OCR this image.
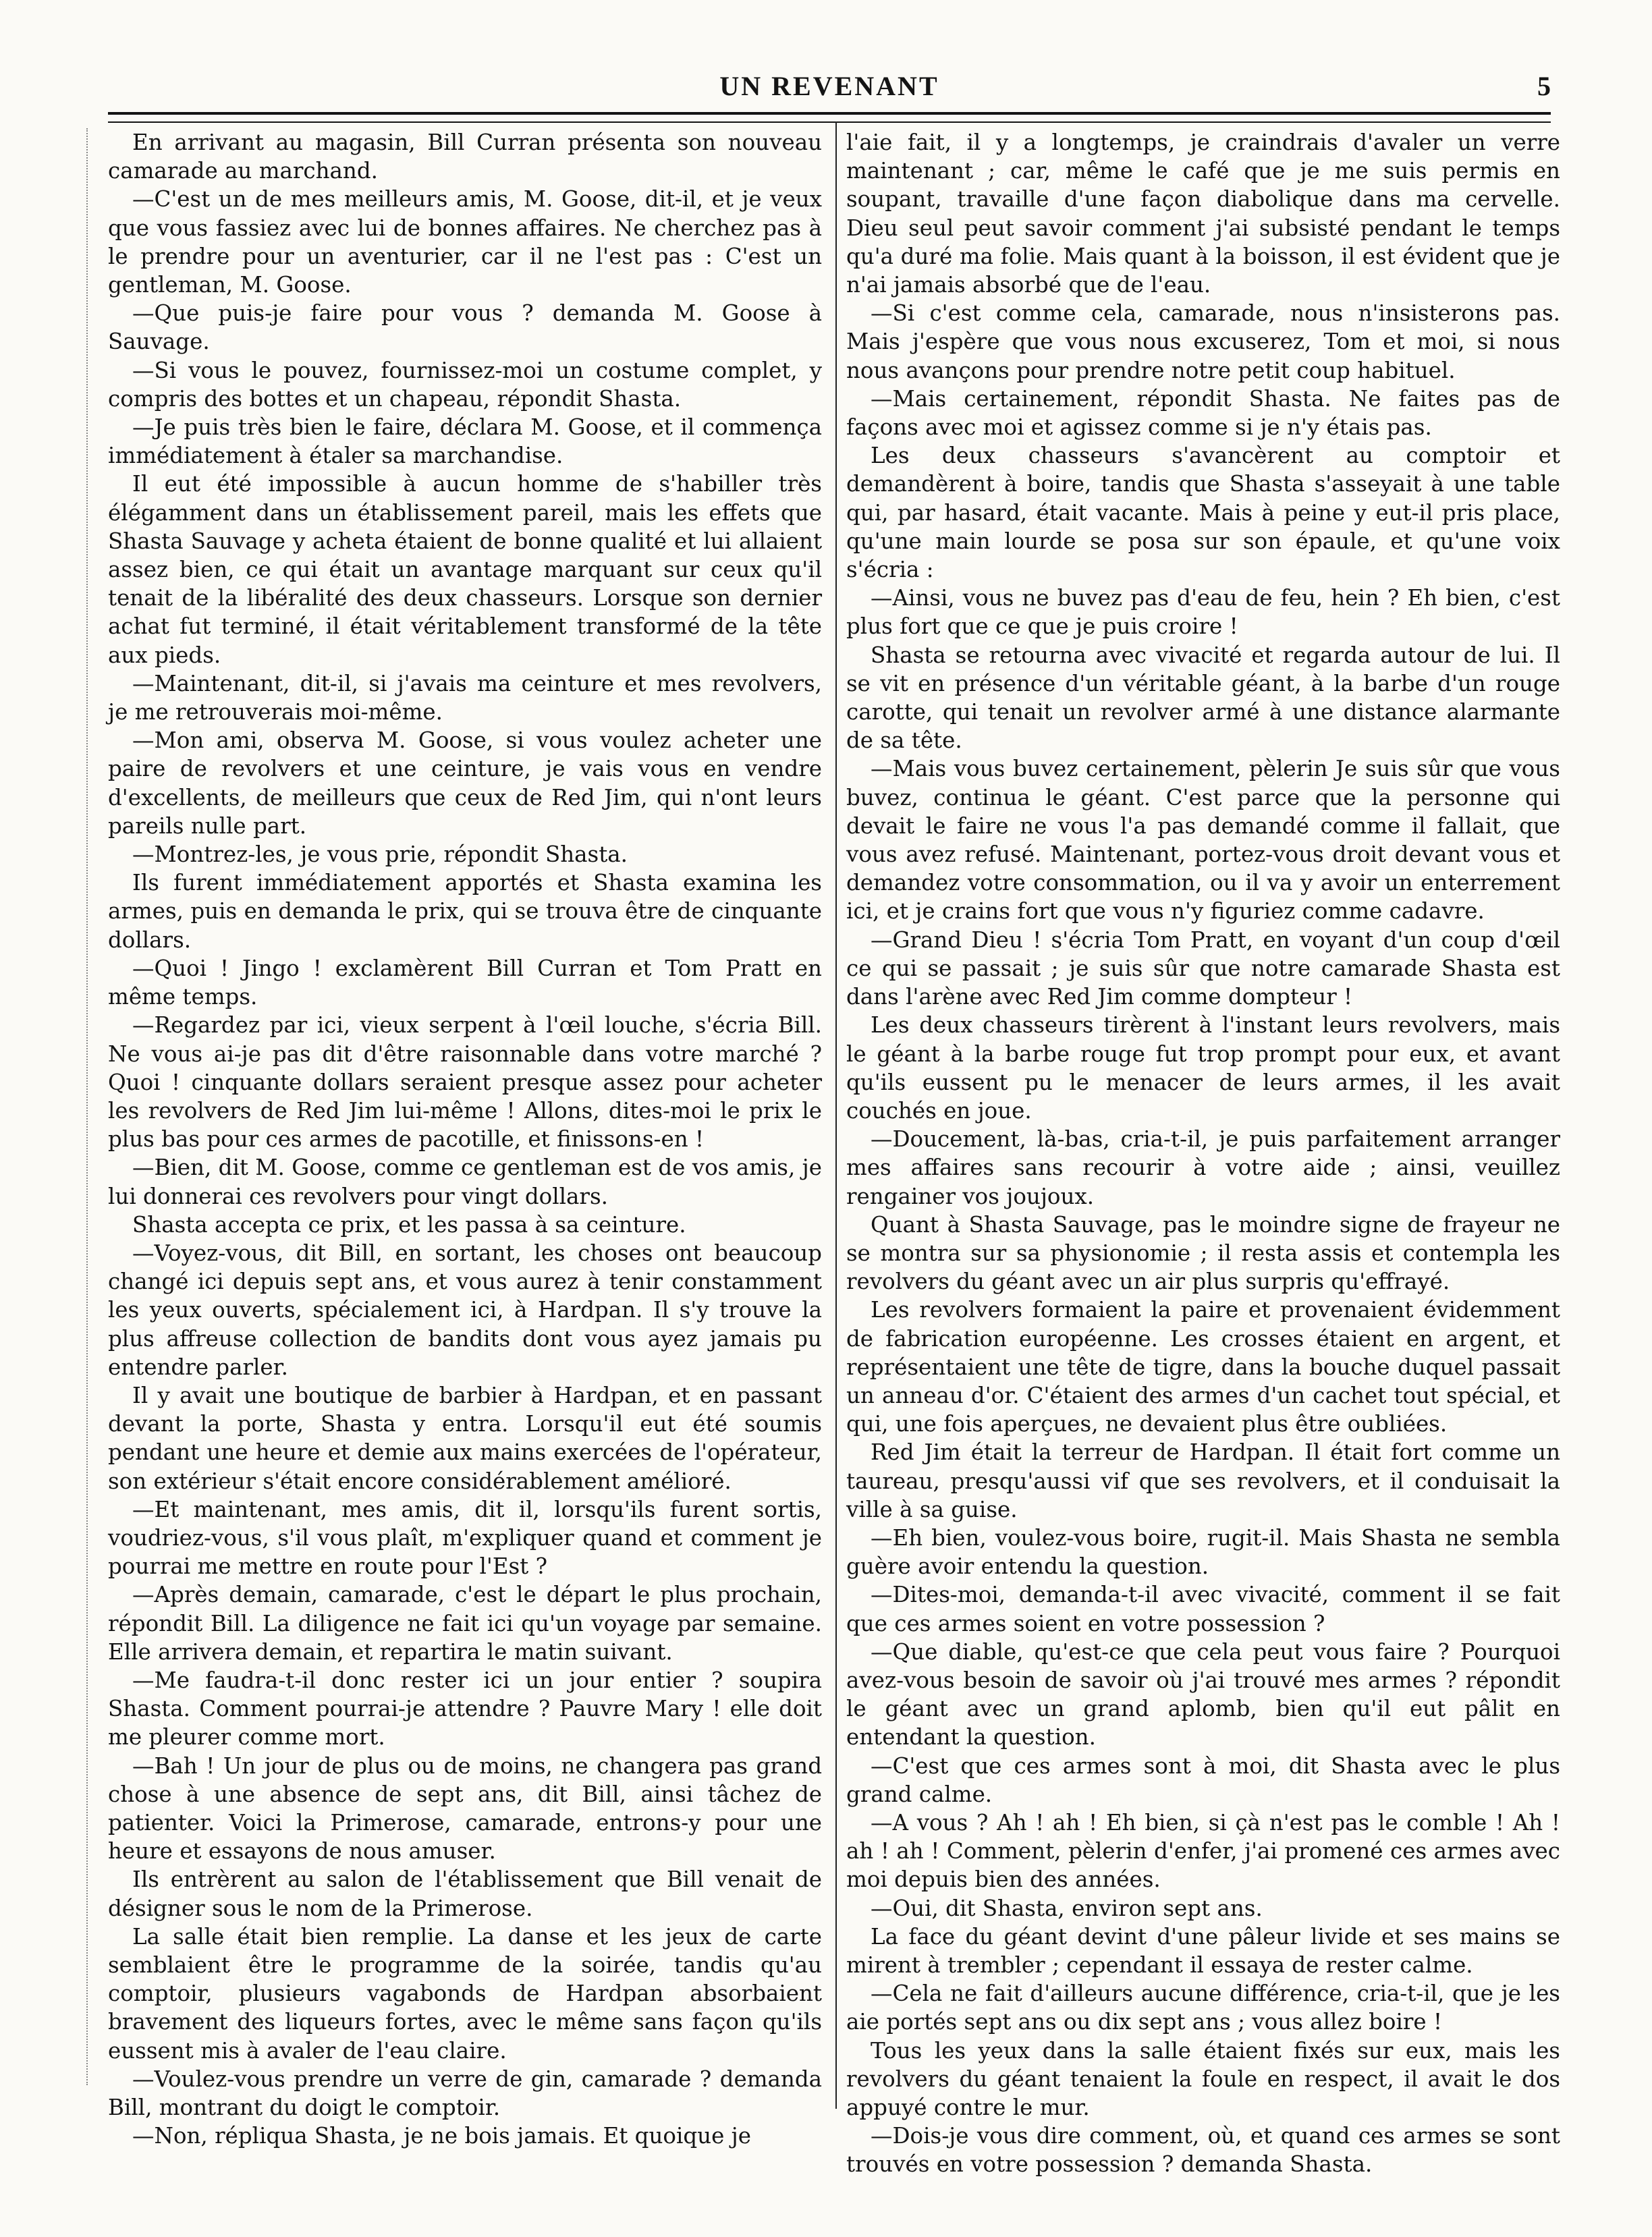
UN REVENANT	5

En arrivant au magasin, Bill Curran présenta son nouveau camarade au marchand.

—C'est un de mes meilleurs amis, M. Goose, dit-il, et je veux que vous fassiez avec lui de bonnes affaires. Ne cherchez pas à le prendre pour un aventurier, car il ne l'est pas : C'est un gentleman, M. Goose.

—Que puis-je faire pour vous ? demanda M. Goose à Sauvage.

—Si vous le pouvez, fournissez-moi un costume complet, y compris des bottes et un chapeau, répondit Shasta.

—Je puis très bien le faire, déclara M. Goose, et il commença immédiatement à étaler sa marchandise.

Il eut été impossible à aucun homme de s'habiller très élégamment dans un établissement pareil, mais les effets que Shasta Sauvage y acheta étaient de bonne qualité et lui allaient assez bien, ce qui était un avantage marquant sur ceux qu'il tenait de la libéralité des deux chasseurs. Lorsque son dernier achat fut terminé, il était véritablement transformé de la tête aux pieds.

—Maintenant, dit-il, si j'avais ma ceinture et mes revolvers, je me retrouverais moi-même.

—Mon ami, observa M. Goose, si vous voulez acheter une paire de revolvers et une ceinture, je vais vous en vendre d'excellents, de meilleurs que ceux de Red Jim, qui n'ont leurs pareils nulle part.

—Montrez-les, je vous prie, répondit Shasta.

Ils furent immédiatement apportés et Shasta examina les armes, puis en demanda le prix, qui se trouva être de cinquante dollars.

—Quoi ! Jingo ! exclamèrent Bill Curran et Tom Pratt en même temps.

—Regardez par ici, vieux serpent à l'œil louche, s'écria Bill. Ne vous ai-je pas dit d'être raisonnable dans votre marché ? Quoi ! cinquante dollars seraient presque assez pour acheter les revolvers de Red Jim lui-même ! Allons, dites-moi le prix le plus bas pour ces armes de pacotille, et finissons-en !

—Bien, dit M. Goose, comme ce gentleman est de vos amis, je lui donnerai ces revolvers pour vingt dollars.

Shasta accepta ce prix, et les passa à sa ceinture.

—Voyez-vous, dit Bill, en sortant, les choses ont beaucoup changé ici depuis sept ans, et vous aurez à tenir constamment les yeux ouverts, spécialement ici, à Hardpan. Il s'y trouve la plus affreuse collection de bandits dont vous ayez jamais pu entendre parler.

Il y avait une boutique de barbier à Hardpan, et en passant devant la porte, Shasta y entra. Lorsqu'il eut été soumis pendant une heure et demie aux mains exercées de l'opérateur, son extérieur s'était encore considérablement amélioré.

—Et maintenant, mes amis, dit il, lorsqu'ils furent sortis, voudriez-vous, s'il vous plaît, m'expliquer quand et comment je pourrai me mettre en route pour l'Est ?

—Après demain, camarade, c'est le départ le plus prochain, répondit Bill. La diligence ne fait ici qu'un voyage par semaine. Elle arrivera demain, et repartira le matin suivant.

—Me faudra-t-il donc rester ici un jour entier ? soupira Shasta. Comment pourrai-je attendre ? Pauvre Mary ! elle doit me pleurer comme mort.

—Bah ! Un jour de plus ou de moins, ne changera pas grand chose à une absence de sept ans, dit Bill, ainsi tâchez de patienter. Voici la Primerose, camarade, entrons-y pour une heure et essayons de nous amuser.

Ils entrèrent au salon de l'établissement que Bill venait de désigner sous le nom de la Primerose.

La salle était bien remplie. La danse et les jeux de carte semblaient être le programme de la soirée, tandis qu'au comptoir, plusieurs vagabonds de Hardpan absorbaient bravement des liqueurs fortes, avec le même sans façon qu'ils eussent mis à avaler de l'eau claire.

—Voulez-vous prendre un verre de gin, camarade ? demanda Bill, montrant du doigt le comptoir.

—Non, répliqua Shasta, je ne bois jamais. Et quoique je

l'aie fait, il y a longtemps, je craindrais d'avaler un verre maintenant ; car, même le café que je me suis permis en soupant, travaille d'une façon diabolique dans ma cervelle. Dieu seul peut savoir comment j'ai subsisté pendant le temps qu'a duré ma folie. Mais quant à la boisson, il est évident que je n'ai jamais absorbé que de l'eau.

—Si c'est comme cela, camarade, nous n'insisterons pas. Mais j'espère que vous nous excuserez, Tom et moi, si nous nous avançons pour prendre notre petit coup habituel.

—Mais certainement, répondit Shasta. Ne faites pas de façons avec moi et agissez comme si je n'y étais pas.

Les deux chasseurs s'avancèrent au comptoir et demandèrent à boire, tandis que Shasta s'asseyait à une table qui, par hasard, était vacante. Mais à peine y eut-il pris place, qu'une main lourde se posa sur son épaule, et qu'une voix s'écria :

—Ainsi, vous ne buvez pas d'eau de feu, hein ? Eh bien, c'est plus fort que ce que je puis croire !

Shasta se retourna avec vivacité et regarda autour de lui. Il se vit en présence d'un véritable géant, à la barbe d'un rouge carotte, qui tenait un revolver armé à une distance alarmante de sa tête.

—Mais vous buvez certainement, pèlerin Je suis sûr que vous buvez, continua le géant. C'est parce que la personne qui devait le faire ne vous l'a pas demandé comme il fallait, que vous avez refusé. Maintenant, portez-vous droit devant vous et demandez votre consommation, ou il va y avoir un enterrement ici, et je crains fort que vous n'y figuriez comme cadavre.

—Grand Dieu ! s'écria Tom Pratt, en voyant d'un coup d'œil ce qui se passait ; je suis sûr que notre camarade Shasta est dans l'arène avec Red Jim comme dompteur !

Les deux chasseurs tirèrent à l'instant leurs revolvers, mais le géant à la barbe rouge fut trop prompt pour eux, et avant qu'ils eussent pu le menacer de leurs armes, il les avait couchés en joue.

—Doucement, là-bas, cria-t-il, je puis parfaitement arranger mes affaires sans recourir à votre aide ; ainsi, veuillez rengainer vos joujoux.

Quant à Shasta Sauvage, pas le moindre signe de frayeur ne se montra sur sa physionomie ; il resta assis et contempla les revolvers du géant avec un air plus surpris qu'effrayé.

Les revolvers formaient la paire et provenaient évidemment de fabrication européenne. Les crosses étaient en argent, et représentaient une tête de tigre, dans la bouche duquel passait un anneau d'or. C'étaient des armes d'un cachet tout spécial, et qui, une fois aperçues, ne devaient plus être oubliées.

Red Jim était la terreur de Hardpan. Il était fort comme un taureau, presqu'aussi vif que ses revolvers, et il conduisait la ville à sa guise.

—Eh bien, voulez-vous boire, rugit-il. Mais Shasta ne sembla guère avoir entendu la question.

—Dites-moi, demanda-t-il avec vivacité, comment il se fait que ces armes soient en votre possession ?

—Que diable, qu'est-ce que cela peut vous faire ? Pourquoi avez-vous besoin de savoir où j'ai trouvé mes armes ? répondit le géant avec un grand aplomb, bien qu'il eut pâlit en entendant la question.

—C'est que ces armes sont à moi, dit Shasta avec le plus grand calme.

—A vous ? Ah ! ah ! Eh bien, si çà n'est pas le comble ! Ah ! ah ! ah ! Comment, pèlerin d'enfer, j'ai promené ces armes avec moi depuis bien des années.

—Oui, dit Shasta, environ sept ans.

La face du géant devint d'une pâleur livide et ses mains se mirent à trembler ; cependant il essaya de rester calme.

—Cela ne fait d'ailleurs aucune différence, cria-t-il, que je les aie portés sept ans ou dix sept ans ; vous allez boire !

Tous les yeux dans la salle étaient fixés sur eux, mais les revolvers du géant tenaient la foule en respect, il avait le dos appuyé contre le mur.

—Dois-je vous dire comment, où, et quand ces armes se sont trouvés en votre possession ? demanda Shasta.
